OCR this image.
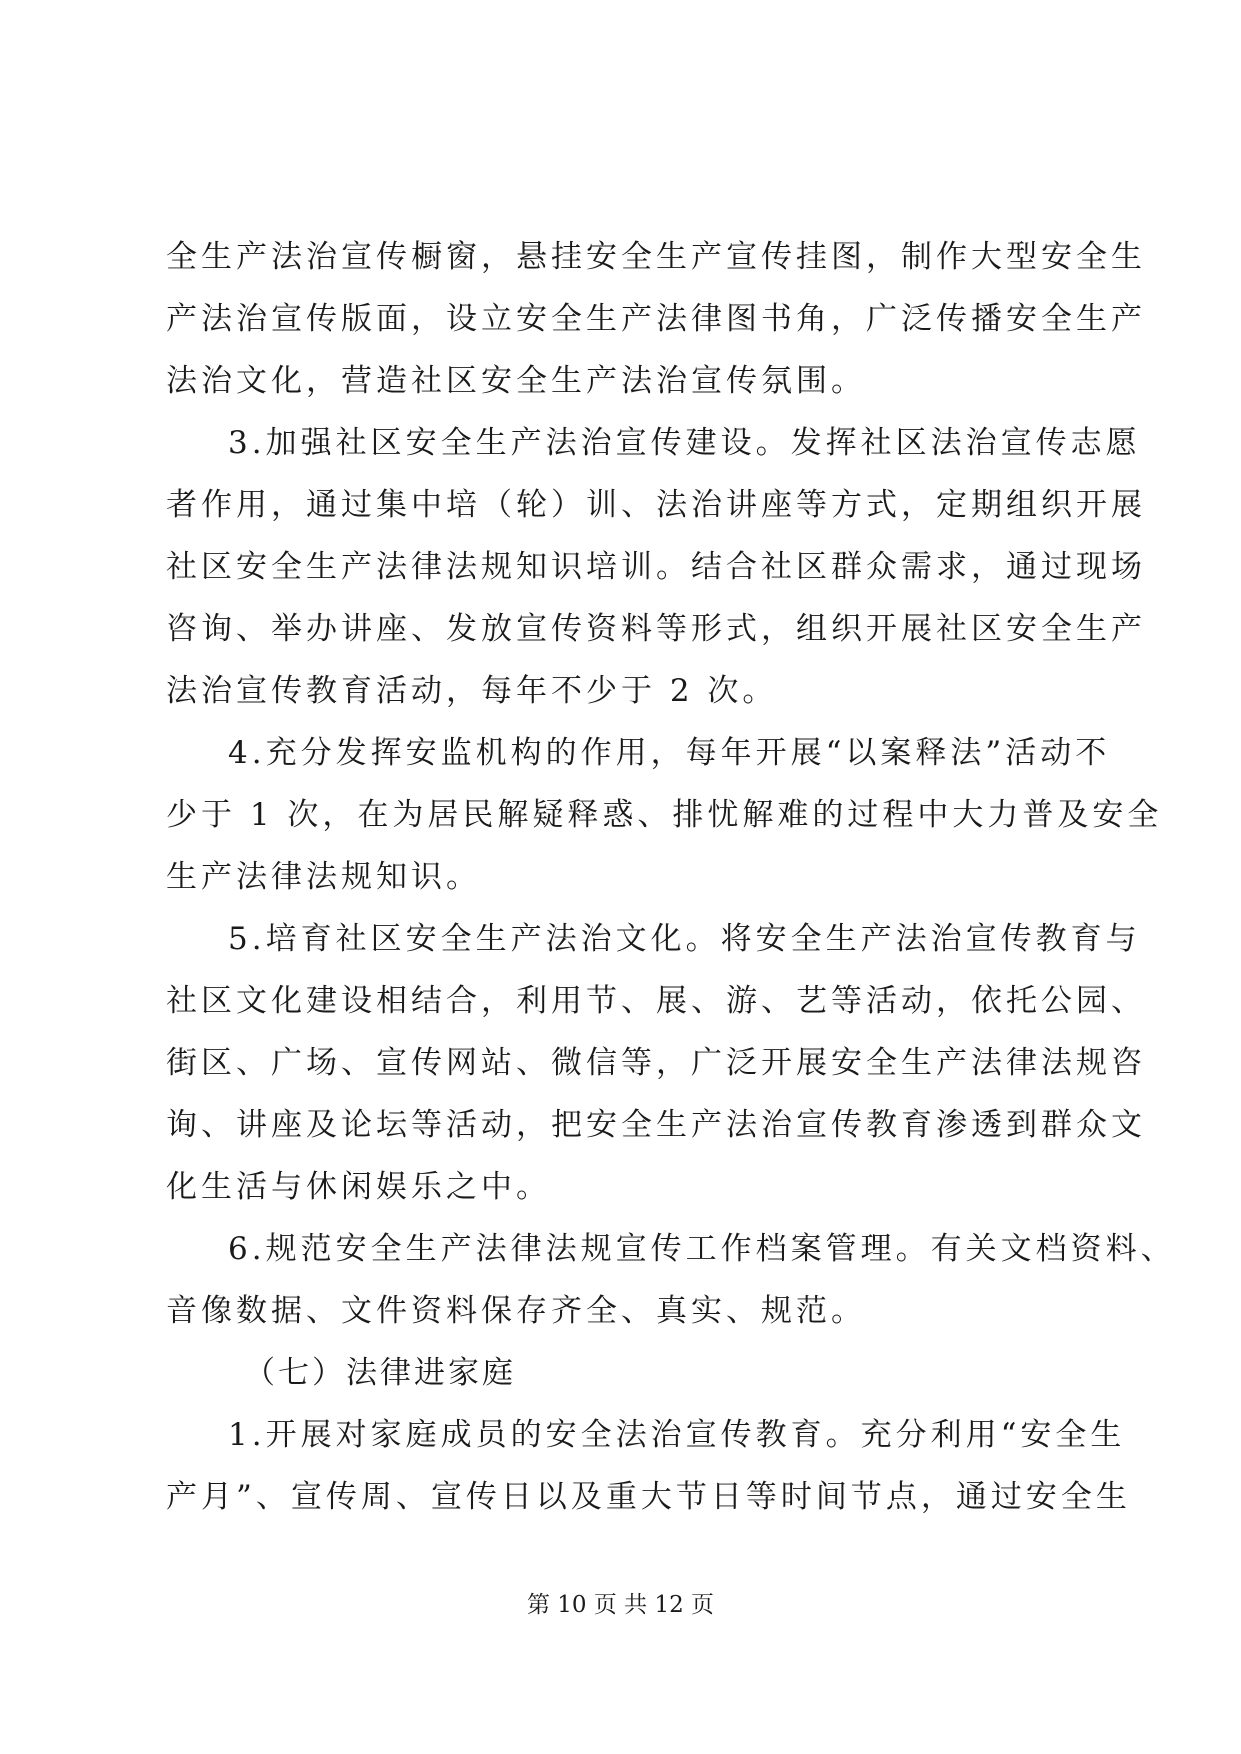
全生产法治宣传橱窗，悬挂安全生产宣传挂图，制作大型安全生
产法治宣传版面，设立安全生产法律图书角，广泛传播安全生产
法治文化，营造社区安全生产法治宣传氛围。
3.加强社区安全生产法治宣传建设。发挥社区法治宣传志愿
者作用，通过集中培（轮）训、法治讲座等方式，定期组织开展
社区安全生产法律法规知识培训。结合社区群众需求，通过现场
咨询、举办讲座、发放宣传资料等形式，组织开展社区安全生产
法治宣传教育活动，每年不少于 2 次。
4.充分发挥安监机构的作用，每年开展“以案释法”活动不
少于 1 次，在为居民解疑释惑、排忧解难的过程中大力普及安全
生产法律法规知识。
5.培育社区安全生产法治文化。将安全生产法治宣传教育与
社区文化建设相结合，利用节、展、游、艺等活动，依托公园、
街区、广场、宣传网站、微信等，广泛开展安全生产法律法规咨
询、讲座及论坛等活动，把安全生产法治宣传教育渗透到群众文
化生活与休闲娱乐之中。
6.规范安全生产法律法规宣传工作档案管理。有关文档资料、
音像数据、文件资料保存齐全、真实、规范。
（七）法律进家庭
1.开展对家庭成员的安全法治宣传教育。充分利用“安全生
产月”、宣传周、宣传日以及重大节日等时间节点，通过安全生
第 10 页 共 12 页
